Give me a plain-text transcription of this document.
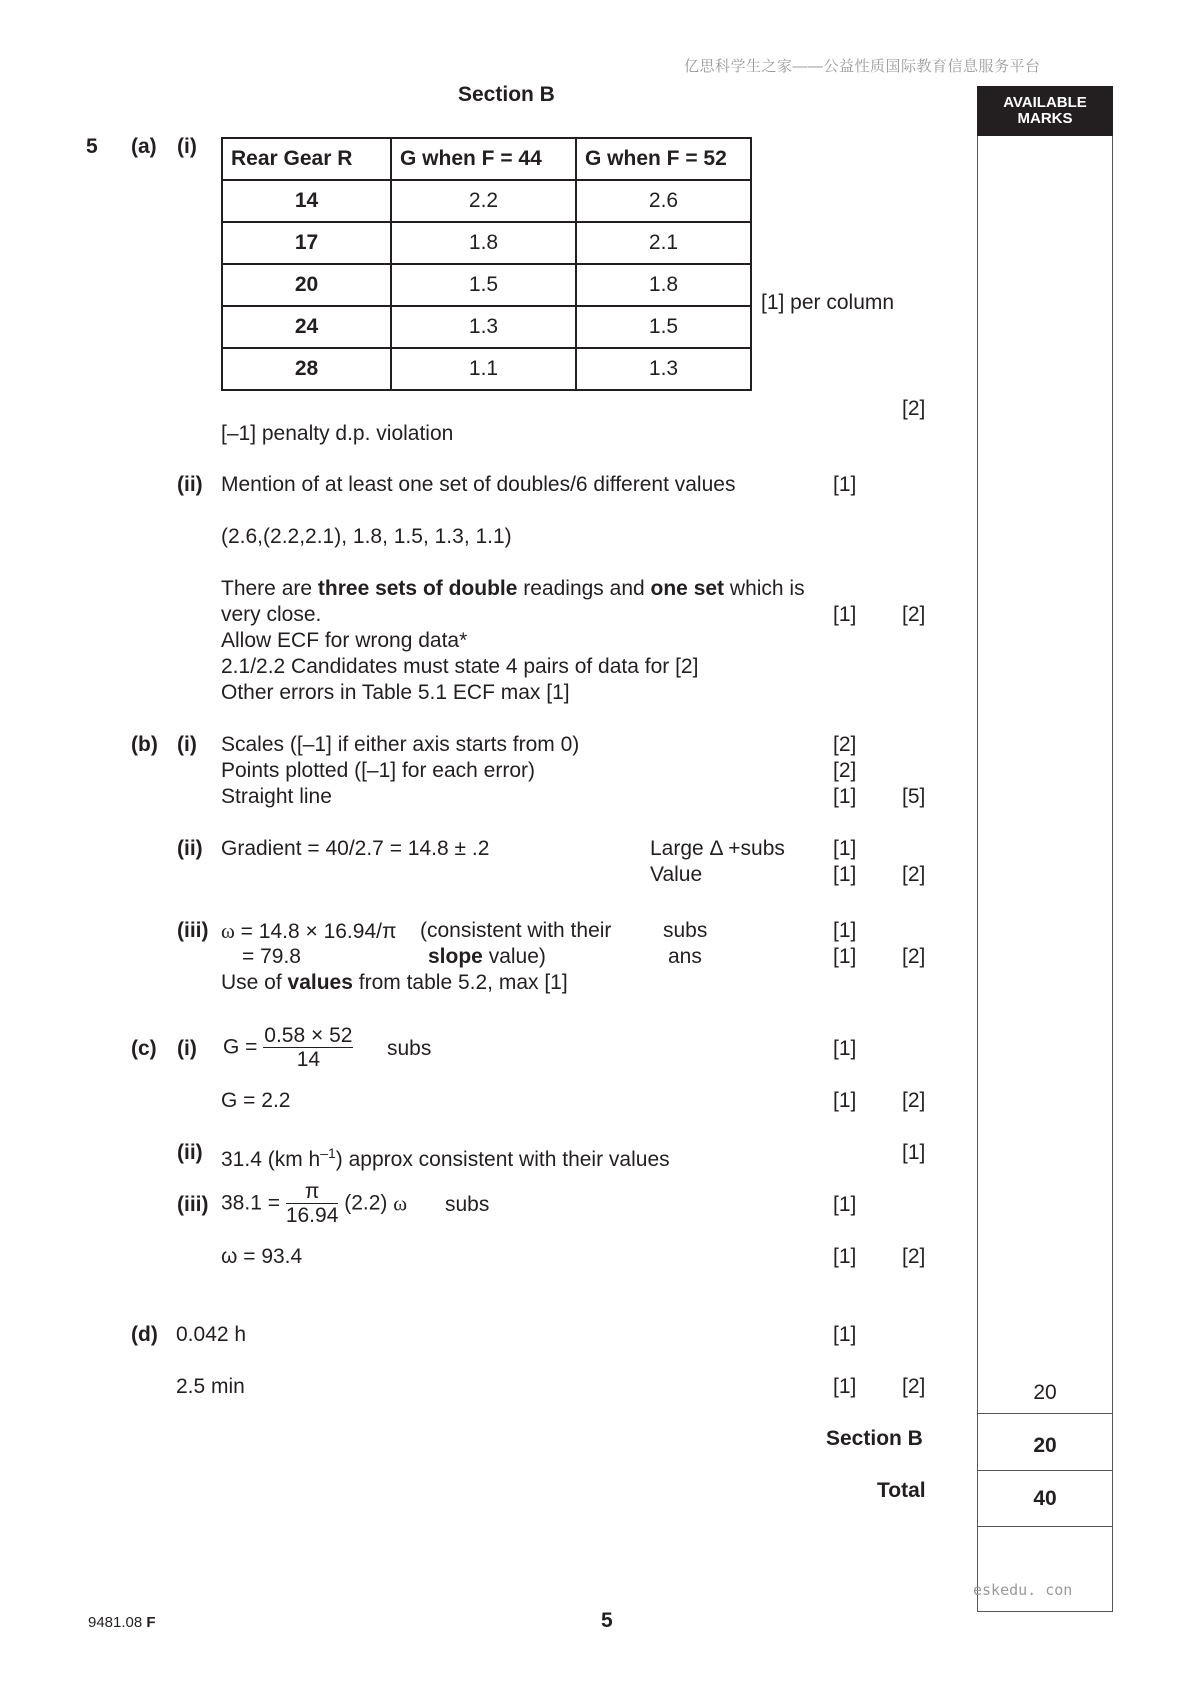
亿思科学生之家——公益性质国际教育信息服务平台
Section B	AVAILABLE
MARKS
20
20
40
eskedu. con
5 (a) (i)
Rear Gear R	G when F = 44	G when F = 52
14	2.2	2.6
17	1.8	2.1
20	1.5	1.8
24	1.3	1.5
28	1.1	1.3
[1] per column
[2]
[–1] penalty d.p. violation
(ii) Mention of at least one set of doubles/6 different values	[1]
(2.6,(2.2,2.1), 1.8, 1.5, 1.3, 1.1)
There are three sets of double readings and one set which is
very close.	[1] [2]
Allow ECF for wrong data*
2.1/2.2 Candidates must state 4 pairs of data for [2]
Other errors in Table 5.1 ECF max [1]
(b) (i) Scales ([–1] if either axis starts from 0)	[2]
Points plotted ([–1] for each error)	[2]
Straight line	[1] [5]
(ii) Gradient = 40/2.7 = 14.8 ± .2	Large Δ +subs [1]
Value	[1] [2]
(iii) ω = 14.8 × 16.94/π (consistent with their subs	[1]
= 79.8	slope value)	ans	[1] [2]
Use of values from table 5.2, max [1]
(c) (i) $G = \frac{0.58 \times 52}{14}$ subs	[1]
G = 2.2	[1] [2]
(ii) 31.4 (km $h^{-1}$) approx consistent with their values	[1]
(iii) $38.1 = \frac{\pi}{16.94} (2.2)$ ω subs	[1]
ω = 93.4	[1] [2]
(d) 0.042 h	[1]
2.5 min	[1] [2]
Section B
Total
9481.08 F	5
